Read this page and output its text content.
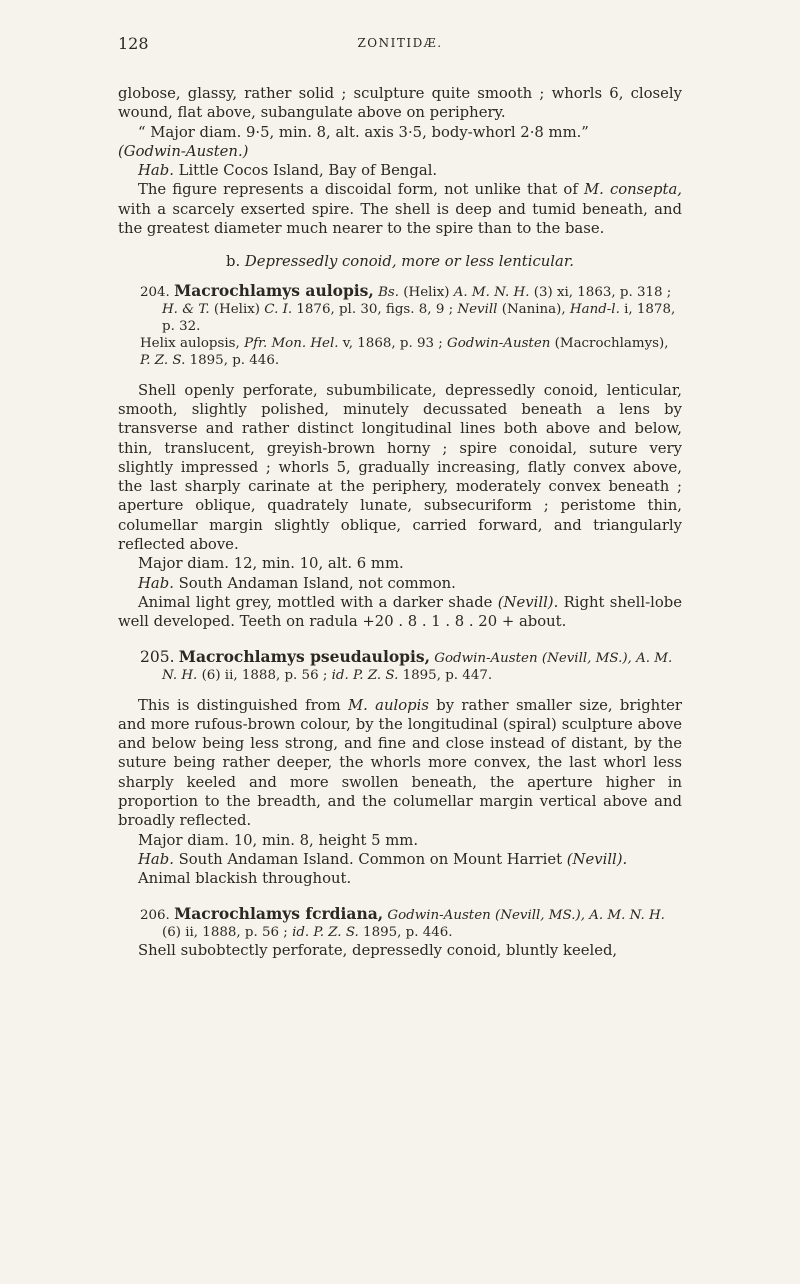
128	ZONITIDÆ.

globose, glassy, rather solid ; sculpture quite smooth ; whorls 6, closely wound, flat above, subangulate above on periphery.

“ Major diam. 9·5, min. 8, alt. axis 3·5, body-whorl 2·8 mm.”
(Godwin-Austen.)

Hab. Little Cocos Island, Bay of Bengal.

The figure represents a discoidal form, not unlike that of M. consepta, with a scarcely exserted spire. The shell is deep and tumid beneath, and the greatest diameter much nearer to the spire than to the base.

b. Depressedly conoid, more or less lenticular.

204. Macrochlamys aulopis, Bs. (Helix) A. M. N. H. (3) xi, 1863, p. 318 ; H. & T. (Helix) C. I. 1876, pl. 30, figs. 8, 9 ; Nevill (Nanina), Hand-l. i, 1878, p. 32.

Helix aulopsis, Pfr. Mon. Hel. v, 1868, p. 93 ; Godwin-Austen (Macrochlamys), P. Z. S. 1895, p. 446.

Shell openly perforate, subumbilicate, depressedly conoid, lenticular, smooth, slightly polished, minutely decussated beneath a lens by transverse and rather distinct longitudinal lines both above and below, thin, translucent, greyish-brown horny ; spire conoidal, suture very slightly impressed ; whorls 5, gradually increasing, flatly convex above, the last sharply carinate at the periphery, moderately convex beneath ; aperture oblique, quadrately lunate, subsecuriform ; peristome thin, columellar margin slightly oblique, carried forward, and triangularly reflected above.

Major diam. 12, min. 10, alt. 6 mm.

Hab. South Andaman Island, not common.

Animal light grey, mottled with a darker shade (Nevill). Right shell-lobe well developed. Teeth on radula +20 . 8 . 1 . 8 . 20 + about.

205. Macrochlamys pseudaulopis, Godwin-Austen (Nevill, MS.), A. M. N. H. (6) ii, 1888, p. 56 ; id. P. Z. S. 1895, p. 447.

This is distinguished from M. aulopis by rather smaller size, brighter and more rufous-brown colour, by the longitudinal (spiral) sculpture above and below being less strong, and fine and close instead of distant, by the suture being rather deeper, the whorls more convex, the last whorl less sharply keeled and more swollen beneath, the aperture higher in proportion to the breadth, and the columellar margin vertical above and broadly reflected.

Major diam. 10, min. 8, height 5 mm.

Hab. South Andaman Island. Common on Mount Harriet (Nevill).

Animal blackish throughout.

206. Macrochlamys fcrdiana, Godwin-Austen (Nevill, MS.), A. M. N. H. (6) ii, 1888, p. 56 ; id. P. Z. S. 1895, p. 446.

Shell subobtectly perforate, depressedly conoid, bluntly keeled,
